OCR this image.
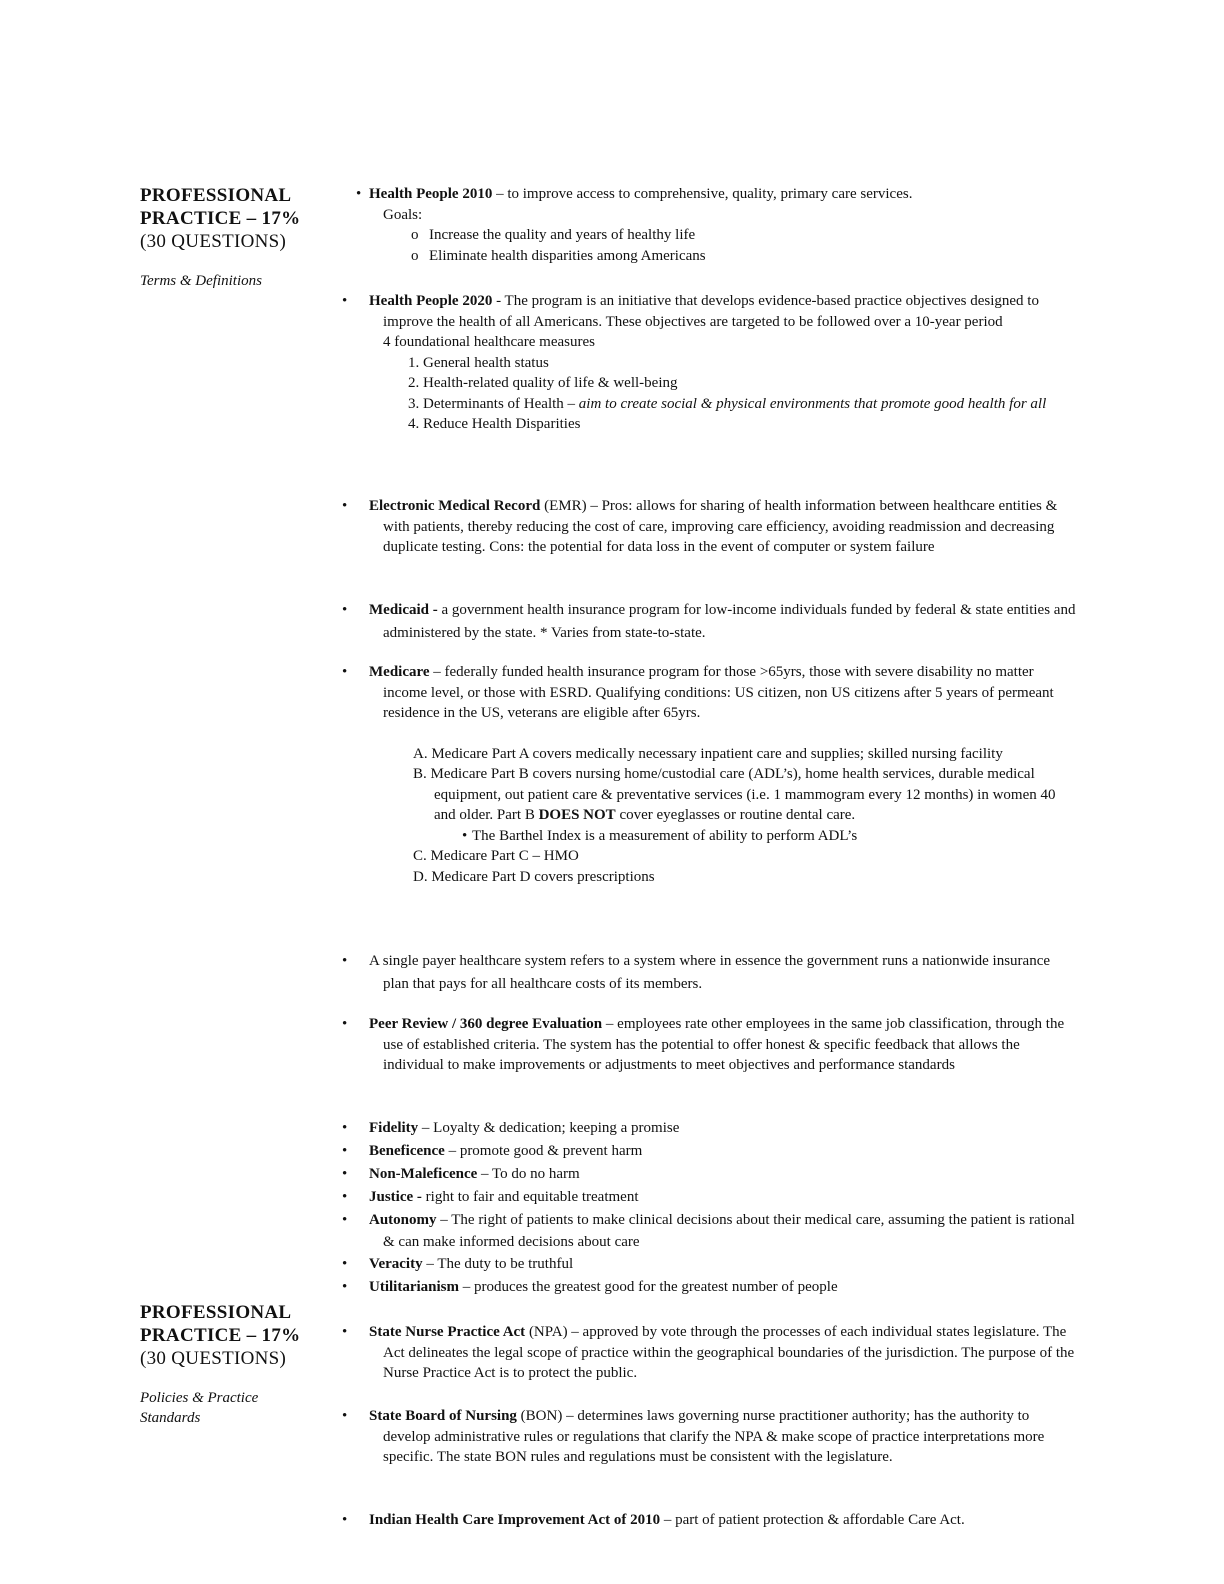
PROFESSIONAL
PRACTICE – 17%
(30 QUESTIONS)
Terms & Definitions
PROFESSIONAL
PRACTICE – 17%
(30 QUESTIONS)
Policies & Practice
Standards
• Health People 2010 – to improve access to comprehensive, quality, primary care services.
Goals:
o Increase the quality and years of healthy life
o Eliminate health disparities among Americans
• Health People 2020 - The program is an initiative that develops evidence-based practice objectives designed to improve the health of all Americans. These objectives are targeted to be followed over a 10-year period
4 foundational healthcare measures
1. General health status
2. Health-related quality of life & well-being
3. Determinants of Health – aim to create social & physical environments that promote good health for all
4. Reduce Health Disparities
• Electronic Medical Record (EMR) – Pros: allows for sharing of health information between healthcare entities & with patients, thereby reducing the cost of care, improving care efficiency, avoiding readmission and decreasing duplicate testing. Cons: the potential for data loss in the event of computer or system failure
• Medicaid - a government health insurance program for low-income individuals funded by federal & state entities and administered by the state. * Varies from state-to-state.
• Medicare – federally funded health insurance program for those >65yrs, those with severe disability no matter income level, or those with ESRD. Qualifying conditions: US citizen, non US citizens after 5 years of permeant residence in the US, veterans are eligible after 65yrs.
A. Medicare Part A covers medically necessary inpatient care and supplies; skilled nursing facility
B. Medicare Part B covers nursing home/custodial care (ADL’s), home health services, durable medical equipment, out patient care & preventative services (i.e. 1 mammogram every 12 months) in women 40 and older. Part B DOES NOT cover eyeglasses or routine dental care.
• The Barthel Index is a measurement of ability to perform ADL’s
C. Medicare Part C – HMO
D. Medicare Part D covers prescriptions
• A single payer healthcare system refers to a system where in essence the government runs a nationwide insurance plan that pays for all healthcare costs of its members.
• Peer Review / 360 degree Evaluation – employees rate other employees in the same job classification, through the use of established criteria. The system has the potential to offer honest & specific feedback that allows the individual to make improvements or adjustments to meet objectives and performance standards
• Fidelity – Loyalty & dedication; keeping a promise
• Beneficence – promote good & prevent harm
• Non-Maleficence – To do no harm
• Justice - right to fair and equitable treatment
• Autonomy – The right of patients to make clinical decisions about their medical care, assuming the patient is rational & can make informed decisions about care
• Veracity – The duty to be truthful
• Utilitarianism – produces the greatest good for the greatest number of people
• State Nurse Practice Act (NPA) – approved by vote through the processes of each individual states legislature. The Act delineates the legal scope of practice within the geographical boundaries of the jurisdiction. The purpose of the Nurse Practice Act is to protect the public.
• State Board of Nursing (BON) – determines laws governing nurse practitioner authority; has the authority to develop administrative rules or regulations that clarify the NPA & make scope of practice interpretations more specific. The state BON rules and regulations must be consistent with the legislature.
• Indian Health Care Improvement Act of 2010 – part of patient protection & affordable Care Act.
